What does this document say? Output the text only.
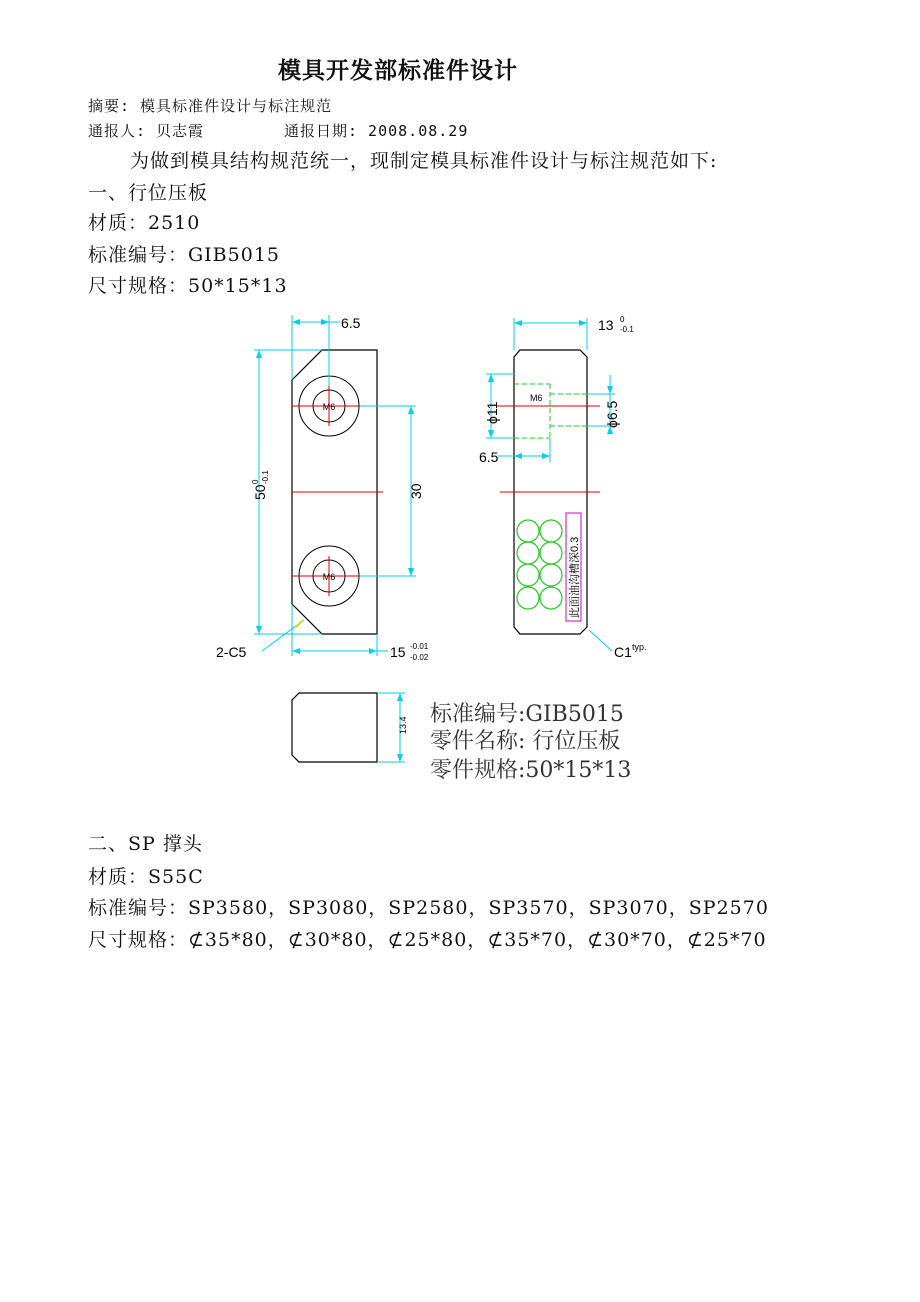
模具开发部标准件设计
摘要: 模具标准件设计与标注规范
通报人: 贝志霞	通报日期: 2008.08.29
为做到模具结构规范统一，现制定模具标准件设计与标注规范如下:
一、行位压板
材质：2510
标准编号：GIB5015
尺寸规格：50*15*13
6.5
M6
M6
50
0 -0.1
30
2-C5	15 -0.01
-0.02
13 0
-0.1
M6
ϕ11	ϕ6.5
6.5
此面油沟槽深0.3
C1 typ.
13.4 标准编号:GIB5015
零件名称: 行位压板
零件规格:50*15*13
二、SP 撑头
材质：S55C
标准编号：SP3580，SP3080，SP2580，SP3570，SP3070，SP2570
尺寸规格：⊄35*80，⊄30*80，⊄25*80，⊄35*70，⊄30*70，⊄25*70
